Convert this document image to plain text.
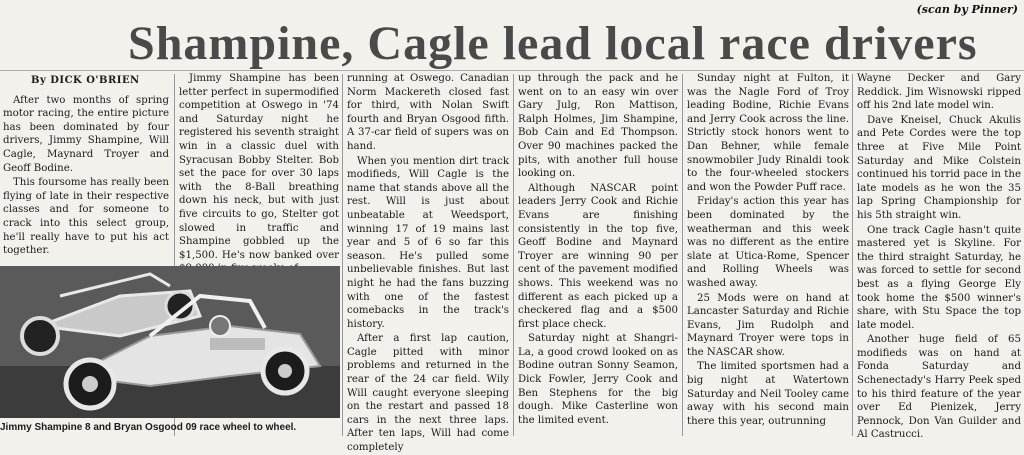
(scan by Pinner)
Shampine, Cagle lead local race drivers
By DICK O'BRIEN

After two months of spring motor racing, the entire picture has been dominated by four drivers, Jimmy Shampine, Will Cagle, Maynard Troyer and Geoff Bodine.

This foursome has really been flying of late in their respective classes and for someone to crack into this select group, he'll really have to put his act together.

Jimmy Shampine has been letter perfect in supermodified competition at Oswego in '74 and Saturday night he registered his seventh straight win in a classic duel with Syracusan Bobby Stelter. Bob set the pace for over 30 laps with the 8-Ball breathing down his neck, but with just five circuits to go, Stelter got slowed in traffic and Shampine gobbled up the $1,500. He's now banked over

Jimmy Shampine 8 and Bryan Osgood 09 race wheel to wheel.

running at Oswego. Canadian Norm Mackereth closed fast for third, with Nolan Swift fourth and Bryan Osgood fifth. A 37-car field of supers was on hand.

When you mention dirt track modifieds, Will Cagle is the name that stands above all the rest. Will is just about unbeatable at Weedsport, winning 17 of 19 mains last year and 5 of 6 so far this season. He's pulled some unbelievable finishes. But last night he had the fans buzzing with one of the fastest comebacks in the track's history.

After a first lap caution, Cagle pitted with minor problems and returned in the rear of the 24 car field. Wily Will caught everyone sleeping on the restart and passed 18 cars in the next three laps. After ten laps, Will had come completely

up through the pack and he went on to an easy win over Gary Julg, Ron Mattison, Ralph Holmes, Jim Shampine, Bob Cain and Ed Thompson. Over 90 machines packed the pits, with another full house looking on.

Although NASCAR point leaders Jerry Cook and Richie Evans are finishing consistently in the top five, Geoff Bodine and Maynard Troyer are winning 90 per cent of the pavement modified shows. This weekend was no different as each picked up a checkered flag and a $500 first place check.

Saturday night at Shangri-La, a good crowd looked on as Bodine outran Sonny Seamon, Dick Fowler, Jerry Cook and Ben Stephens for the big dough. Mike Casterline won the limited event.

Sunday night at Fulton, it was the Nagle Ford of Troy leading Bodine, Richie Evans and Jerry Cook across the line. Strictly stock honors went to Dan Behner, while female snowmobiler Judy Rinaldi took to the four-wheeled stockers and won the Powder Puff race.

Friday's action this year has been dominated by the weatherman and this week was no different as the entire slate at Utica-Rome, Spencer and Rolling Wheels was washed away.

25 Mods were on hand at Lancaster Saturday and Richie Evans, Jim Rudolph and Maynard Troyer were tops in the NASCAR show.

The limited sportsmen had a big night at Watertown Saturday and Neil Tooley came away with his second main there this year, outrunning

Wayne Decker and Gary Reddick. Jim Wisnowski ripped off his 2nd late model win.

Dave Kneisel, Chuck Akulis and Pete Cordes were the top three at Five Mile Point Saturday and Mike Colstein continued his torrid pace in the late models as he won the 35 lap Spring Championship for his 5th straight win.

One track Cagle hasn't quite mastered yet is Skyline. For the third straight Saturday, he was forced to settle for second best as a flying George Ely took home the $500 winner's share, with Stu Space the top late model.

Another huge field of 65 modifieds was on hand at Fonda Saturday and Schenectady's Harry Peek sped to his third feature of the year over Ed Pienizek, Jerry Pennock, Don Van Guilder and Al Castrucci.
